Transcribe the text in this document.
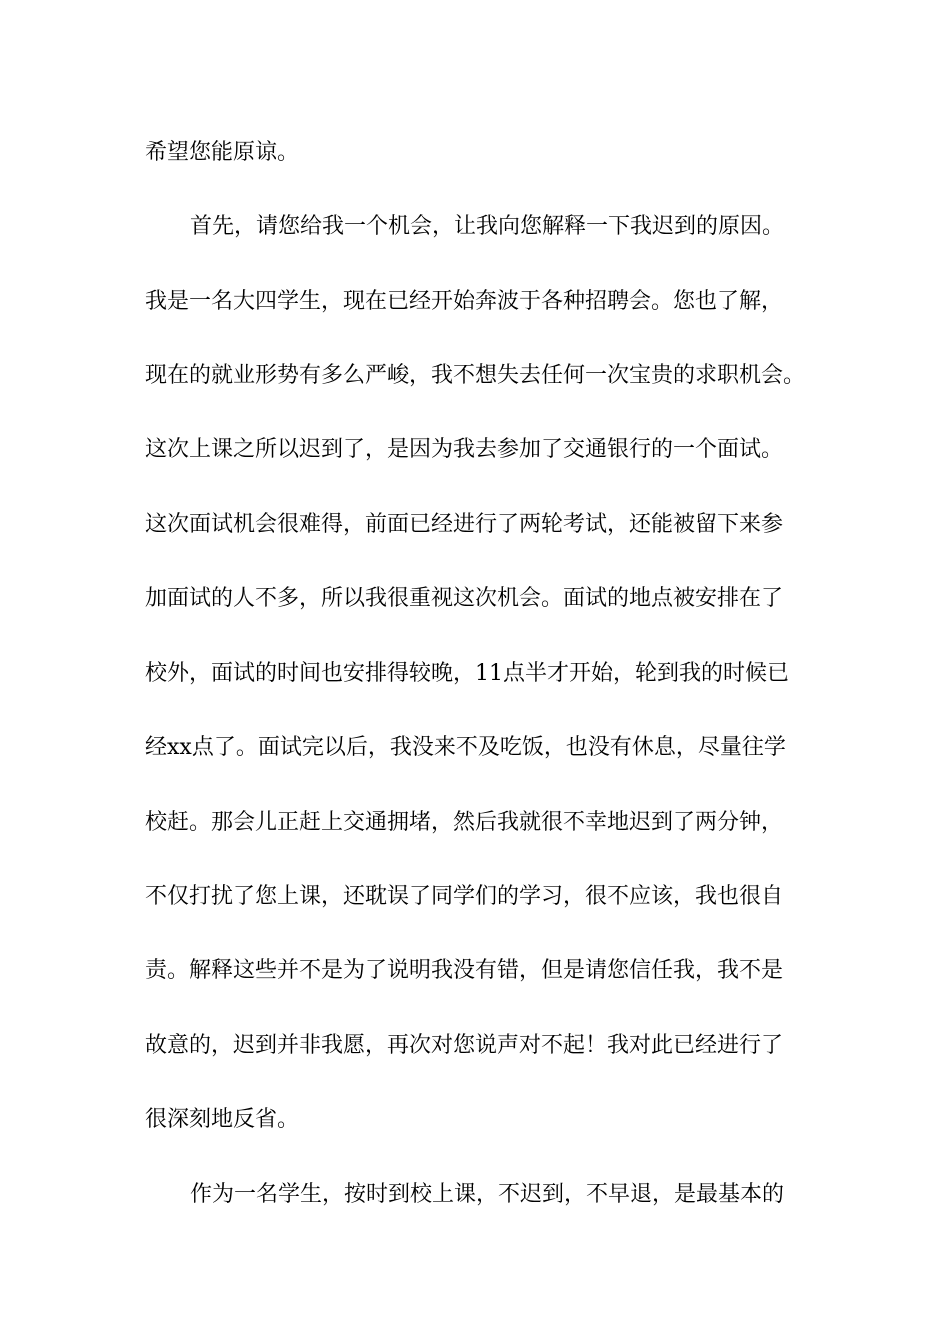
希望您能原谅。
首先，请您给我一个机会，让我向您解释一下我迟到的原因。
我是一名大四学生，现在已经开始奔波于各种招聘会。您也了解，
现在的就业形势有多么严峻，我不想失去任何一次宝贵的求职机会。
这次上课之所以迟到了，是因为我去参加了交通银行的一个面试。
这次面试机会很难得，前面已经进行了两轮考试，还能被留下来参
加面试的人不多，所以我很重视这次机会。面试的地点被安排在了
校外，面试的时间也安排得较晚，11点半才开始，轮到我的时候已
经xx点了。面试完以后，我没来不及吃饭，也没有休息，尽量往学
校赶。那会儿正赶上交通拥堵，然后我就很不幸地迟到了两分钟，
不仅打扰了您上课，还耽误了同学们的学习，很不应该，我也很自
责。解释这些并不是为了说明我没有错，但是请您信任我，我不是
故意的，迟到并非我愿，再次对您说声对不起！我对此已经进行了
很深刻地反省。
作为一名学生，按时到校上课，不迟到，不早退，是最基本的
